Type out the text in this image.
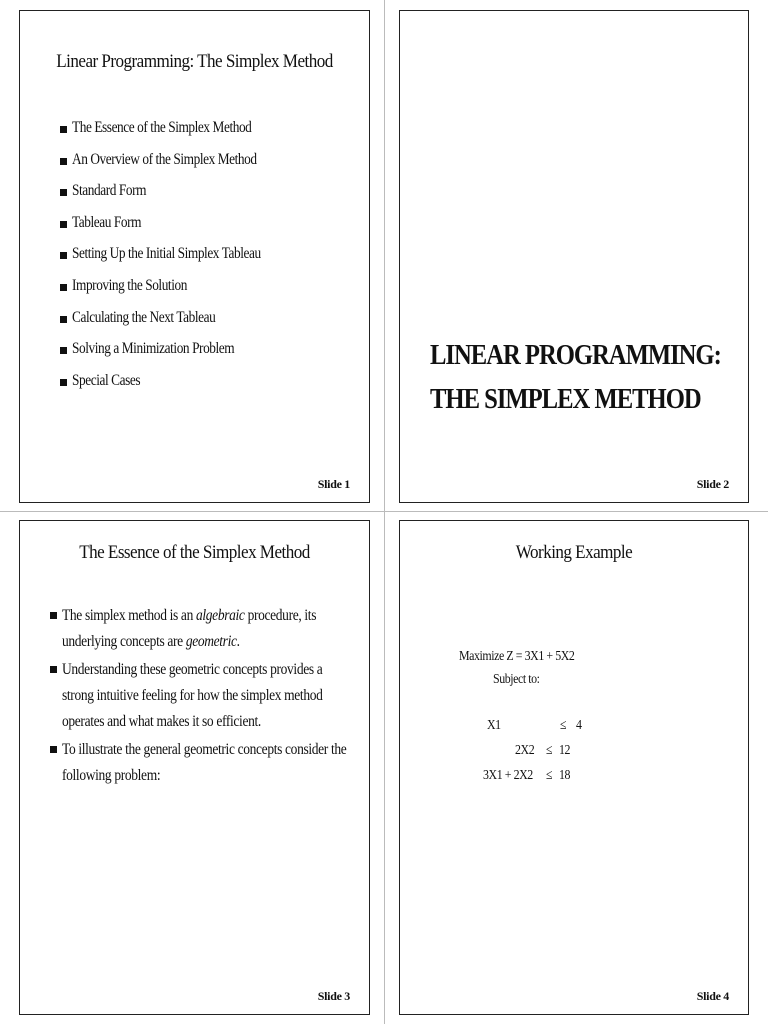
Linear Programming: The Simplex Method
The Essence of the Simplex Method
An Overview of the Simplex Method
Standard Form
Tableau Form
Setting Up the Initial Simplex Tableau
Improving the Solution
Calculating the Next Tableau
Solving a Minimization Problem
Special Cases
Slide 1
LINEAR PROGRAMMING:
THE SIMPLEX METHOD
Slide 2
The Essence of the Simplex Method
The simplex method is an algebraic procedure, its underlying concepts are geometric.
Understanding these geometric concepts provides a strong intuitive feeling for how the simplex method operates and what makes it so efficient.
To illustrate the general geometric concepts consider the following problem:
Slide 3
Working Example
Maximize Z = 3X1 + 5X2
Subject to:
X1	≤ 4
2X2 ≤ 12
3X1 + 2X2 ≤ 18
Slide 4
